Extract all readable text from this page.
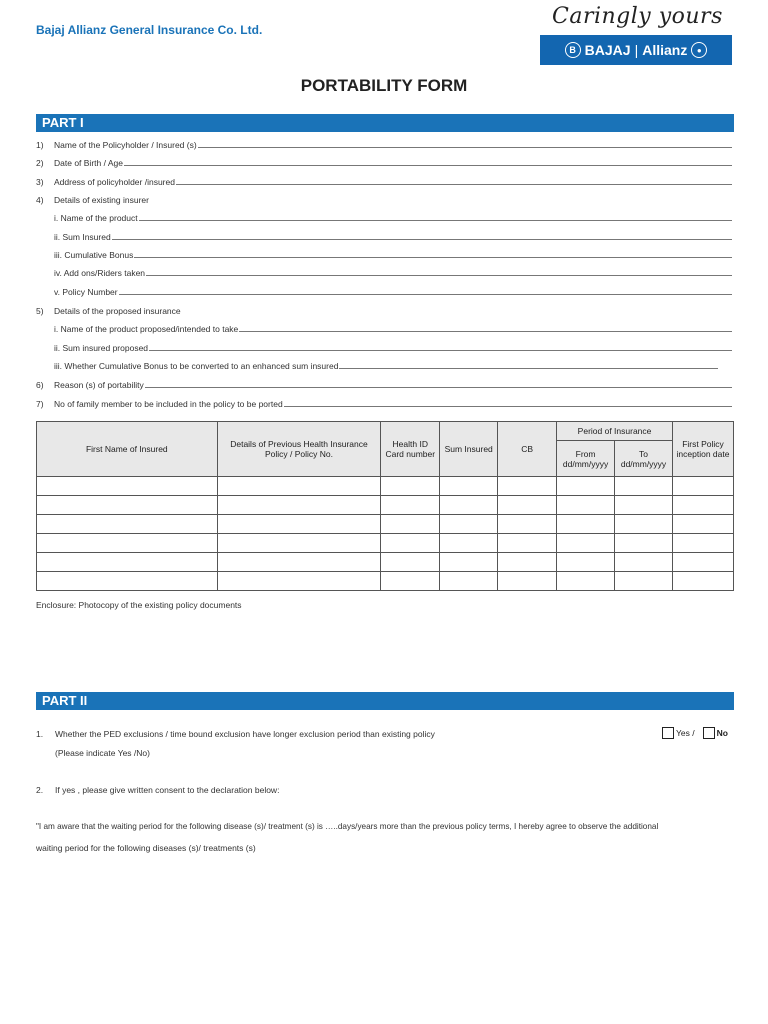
Bajaj Allianz General Insurance Co. Ltd.
Caringly yours
B BAJAJ | Allianz	●
PORTABILITY FORM
PART I
1)	Name of the Policyholder / Insured (s)
2)	Date of Birth / Age
3)	Address of policyholder /insured
4)	Details of existing insurer
i. Name of the product
ii. Sum Insured
iii. Cumulative Bonus
iv. Add ons/Riders taken
v. Policy Number
5)	Details of the proposed insurance
i. Name of the product proposed/intended to take
ii. Sum insured proposed
iii. Whether Cumulative Bonus to be converted to an enhanced sum insured
6)	Reason (s) of portability
7)	No of family member to be included in the policy to be ported
First Name of Insured	Details of Previous Health Insurance Policy / Policy No.	Health ID Card number	Sum Insured	CB	Period of Insurance		First Policy inception date
					From dd/mm/yyyy	To dd/mm/yyyy	

Enclosure: Photocopy of the existing policy documents
PART II
1. Whether the PED exclusions / time bound exclusion have longer exclusion period than existing policy
(Please indicate Yes /No)
Yes /	No
2. If yes , please give written consent to the declaration below:
"I am aware that the waiting period for the following disease (s)/ treatment (s) is …..days/years more than the previous policy terms, I hereby agree to observe the additional
waiting period for the following diseases (s)/ treatments (s)
